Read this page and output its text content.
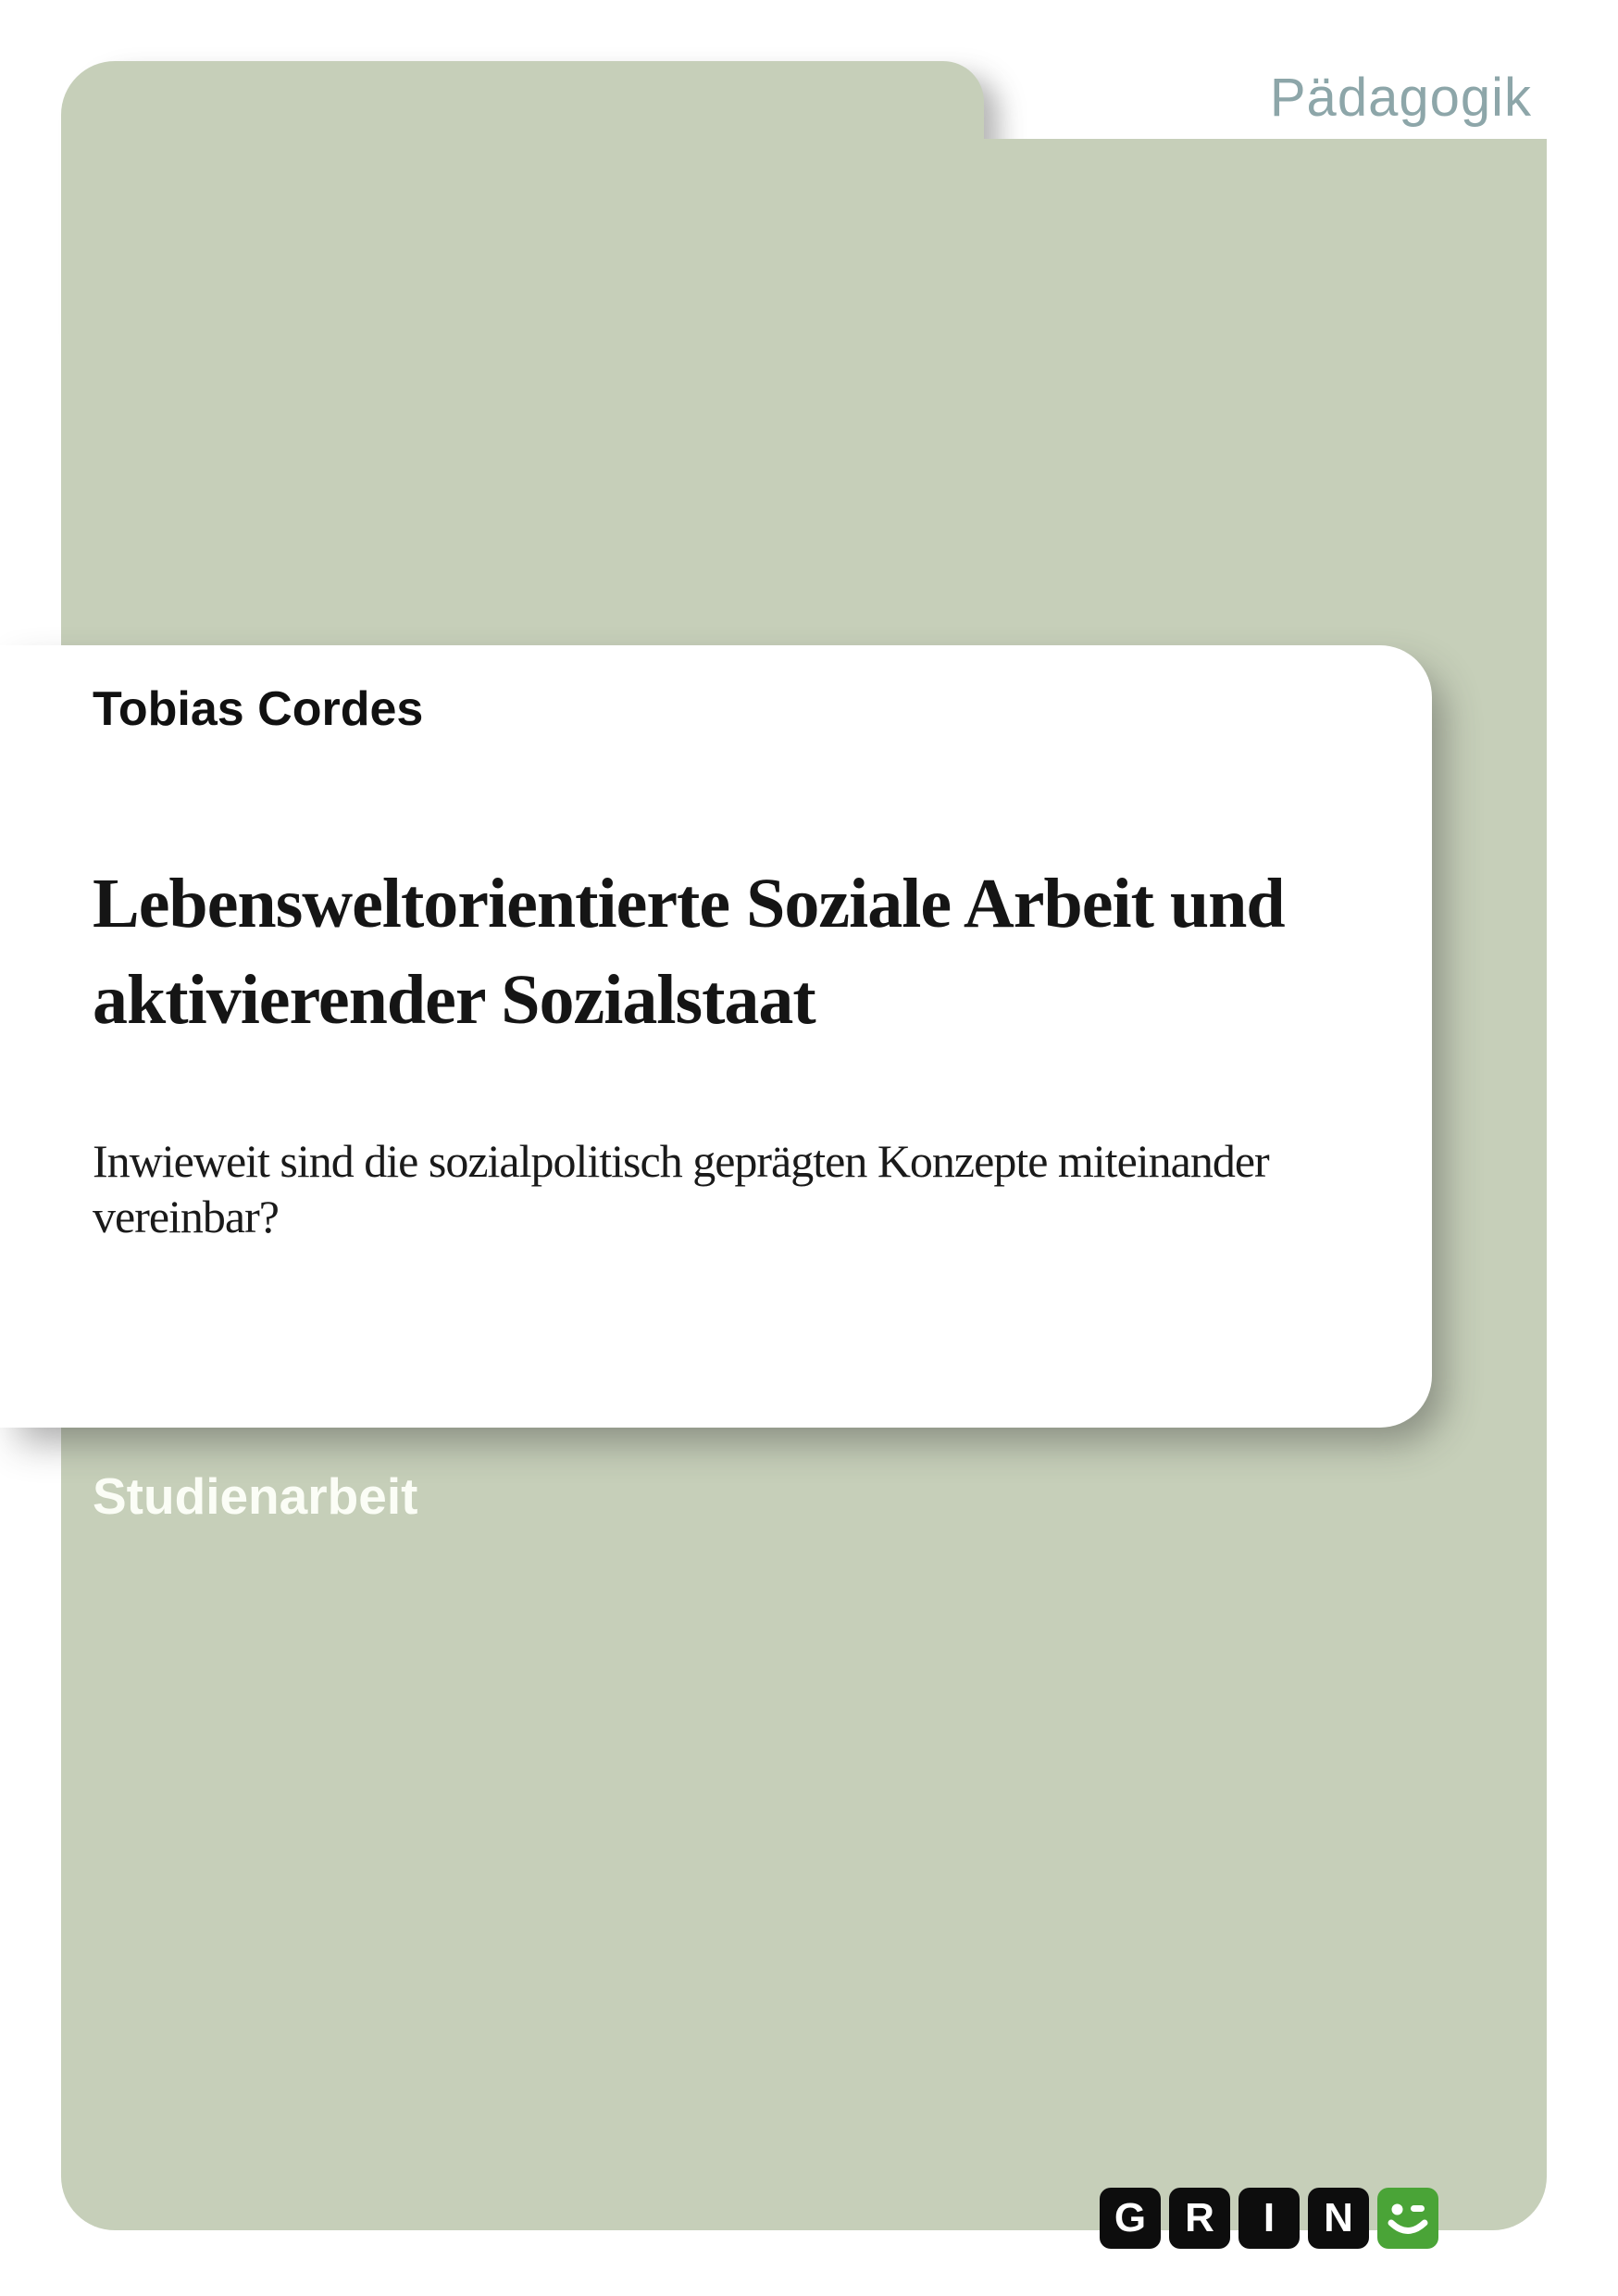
Pädagogik
Tobias Cordes
Lebensweltorientierte Soziale Arbeit und
aktivierender Sozialstaat
Inwieweit sind die sozialpolitisch geprägten Konzepte miteinander
vereinbar?
Studienarbeit
G R	I	N
